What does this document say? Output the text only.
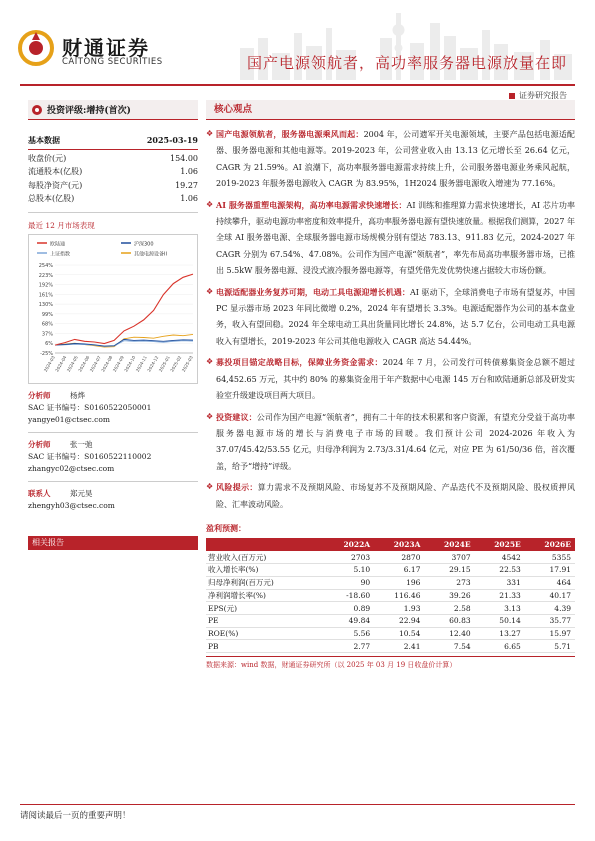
财通证券
CAITONG SECURITIES	国产电源领航者，高功率服务器电源放量在即
证券研究报告
投资评级:增持(首次)
基本数据	2025-03-19
收盘价(元)	154.00
流通股本(亿股)	1.06
每股净资产(元)	19.27
总股本(亿股)	1.06
最近 12 月市场表现
欧陆通	沪深300
上证指数	其他电源设备II
-25%
6%
37%
68%
99%
130%
161%
192%
223%
254%
2024-03
2024-04
2024-05
2024-06
2024-07
2024-08
2024-09
2024-10
2024-11
2024-12
2025-01
2025-02
2025-03
分析师	杨烨
SAC 证书编号：S0160522050001
yangye01@ctsec.com
分析师	张一弛
SAC 证书编号：S0160522110002
zhangyc02@ctsec.com
联系人	郑元昊
zhengyh03@ctsec.com
相关报告
核心观点
❖ 国产电源领航者，服务器电源乘风而起：2004 年，公司遗军开关电源领域，主要产品包括电源适配器、服务器电源和其他电源等。2019-2023 年，公司营业收入由 13.13 亿元增长至 26.64 亿元，CAGR 为 21.59%。AI 浪潮下，高功率服务器电源需求持续上升，公司服务器电源业务乘风起航，2019-2023 年服务器电源收入 CAGR 为 83.95%，1H2024 服务器电源收入增速为 77.16%。
❖ AI 服务器重塑电源架构，高功率电源需求快速增长：AI 训练和推理算力需求快速增长，AI 芯片功率持续攀升，驱动电源功率密度和效率提升，高功率服务器电源有望快速放量。根据我们测算，2027 年全球 AI 服务器电源、全球服务器电源市场规模分别有望达 783.13、911.83 亿元，2024-2027 年 CAGR 分别为 67.54%、47.08%。公司作为国产电源“领航者”，率先布局高功率服务器市场，已推出 5.5kW 服务器电源、浸没式液冷服务器电源等，有望凭借先发优势快速占据较大市场份额。
❖ 电源适配器业务复苏可期，电动工具电源迎增长机遇：AI 驱动下，全球消费电子市场有望复苏，中国 PC 显示器市场 2023 年同比微增 0.2%，2024 年有望增长 3.3%。电源适配器作为公司的基本盘业务，收入有望回稳。2024 年全球电动工具出货量同比增长 24.8%，达 5.7 亿台，公司电动工具电源收入有望增长，2019-2023 年公司其他电源收入 CAGR 高达 54.44%。
❖ 募投项目锚定战略目标，保障业务资金需求：2024 年 7 月，公司发行可转债募集资金总额不超过 64,452.65 万元，其中约 80% 的募集资金用于年产数据中心电源 145 万台和欧陆通新总部及研发实验室升级建设项目两大项目。
❖ 投资建议：公司作为国产电源“领航者”，拥有二十年的技术积累和客户资源，有望充分受益于高功率服务器电源市场的增长与消费电子市场的回暖。我们预计公司 2024-2026 年收入为 37.07/45.42/53.55 亿元，归母净利润为 2.73/3.31/4.64 亿元，对应 PE 为 61/50/36 倍，首次覆盖，给予“增持”评级。
❖ 风险提示：算力需求不及预期风险、市场复苏不及预期风险、产品迭代不及预期风险、股权质押风险、汇率波动风险。
盈利预测：
	2022A	2023A	2024E	2025E	2026E
营业收入(百万元)	2703	2870	3707	4542	5355
收入增长率(%)	5.10	6.17	29.15	22.53	17.91
归母净利润(百万元)	90	196	273	331	464
净利润增长率(%)	-18.60	116.46	39.26	21.33	40.17
EPS(元)	0.89	1.93	2.58	3.13	4.39
PE	49.84	22.94	60.83	50.14	35.77
ROE(%)	5.56	10.54	12.40	13.27	15.97
PB	2.77	2.41	7.54	6.65	5.71
数据来源：wind 数据，财通证券研究所（以 2025 年 03 月 19 日收盘价计算）
请阅读最后一页的重要声明！
